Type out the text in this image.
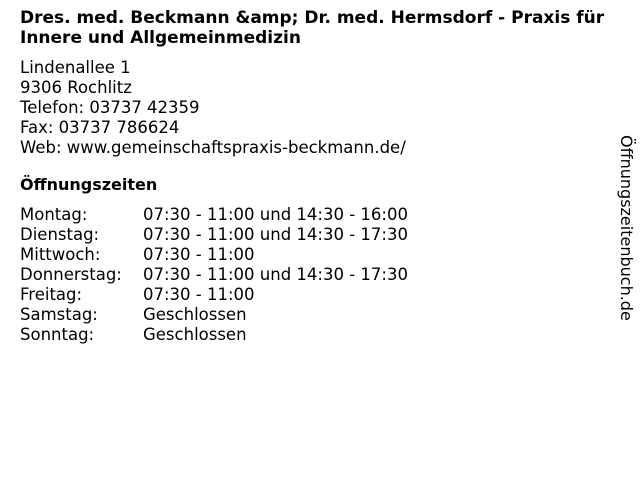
Dres. med. Beckmann &amp; Dr. med. Hermsdorf - Praxis für Innere und Allgemeinmedizin
Lindenallee 1
9306 Rochlitz
Telefon: 03737 42359
Fax: 03737 786624
Web: www.gemeinschaftspraxis-beckmann.de/
Öffnungszeiten
Montag:	07:30 - 11:00 und 14:30 - 16:00
Dienstag:	07:30 - 11:00 und 14:30 - 17:30
Mittwoch:	07:30 - 11:00
Donnerstag:	07:30 - 11:00 und 14:30 - 17:30
Freitag:	07:30 - 11:00
Samstag:	Geschlossen
Sonntag:	Geschlossen
Öffnungszeitenbuch.de
